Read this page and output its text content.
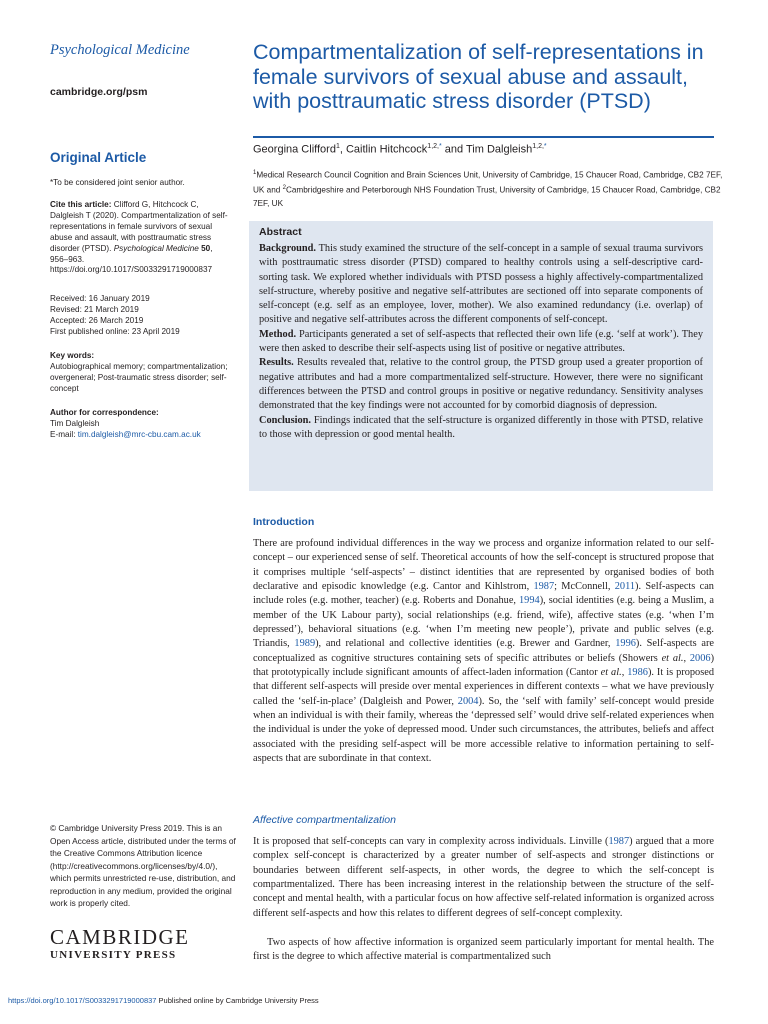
Psychological Medicine
cambridge.org/psm
Original Article
*To be considered joint senior author.
Cite this article: Clifford G, Hitchcock C, Dalgleish T (2020). Compartmentalization of self-representations in female survivors of sexual abuse and assault, with posttraumatic stress disorder (PTSD). Psychological Medicine 50, 956–963. https://doi.org/10.1017/S0033291719000837

Received: 16 January 2019

Revised: 21 March 2019

Accepted: 26 March 2019

First published online: 23 April 2019

Key words:

Autobiographical memory; compartmentalization; overgeneral; Post-traumatic stress disorder; self-concept

Author for correspondence:

Tim Dalgleish

E-mail: tim.dalgleish@mrc-cbu.cam.ac.uk

© Cambridge University Press 2019. This is an Open Access article, distributed under the terms of the Creative Commons Attribution licence (http://creativecommons.org/licenses/by/4.0/), which permits unrestricted re-use, distribution, and reproduction in any medium, provided the original work is properly cited.
CAMBRIDGE
UNIVERSITY PRESS
Compartmentalization of self-representations in female survivors of sexual abuse and assault, with posttraumatic stress disorder (PTSD)
Georgina Clifford$^1$, Caitlin Hitchcock$^{1,2,*}$ and Tim Dalgleish$^{1,2,*}$
$^1$Medical Research Council Cognition and Brain Sciences Unit, University of Cambridge, 15 Chaucer Road, Cambridge, CB2 7EF, UK and $^2$Cambridgeshire and Peterborough NHS Foundation Trust, University of Cambridge, 15 Chaucer Road, Cambridge, CB2 7EF, UK
Abstract

Background. This study examined the structure of the self-concept in a sample of sexual trauma survivors with posttraumatic stress disorder (PTSD) compared to healthy controls using a self-descriptive card-sorting task. We explored whether individuals with PTSD possess a highly affectively-compartmentalized self-structure, whereby positive and negative self-attributes are sectioned off into separate components of self-concept (e.g. self as an employee, lover, mother). We also examined redundancy (i.e. overlap) of positive and negative self-attributes across the different components of self-concept.

Method. Participants generated a set of self-aspects that reflected their own life (e.g. ‘self at work’). They were then asked to describe their self-aspects using list of positive or negative attributes.

Results. Results revealed that, relative to the control group, the PTSD group used a greater proportion of negative attributes and had a more compartmentalized self-structure. However, there were no significant differences between the PTSD and control groups in positive or negative redundancy. Sensitivity analyses demonstrated that the key findings were not accounted for by comorbid diagnosis of depression.

Conclusion. Findings indicated that the self-structure is organized differently in those with PTSD, relative to those with depression or good mental health.

Introduction

There are profound individual differences in the way we process and organize information related to our self-concept – our experienced sense of self. Theoretical accounts of how the self-concept is structured propose that it comprises multiple ‘self-aspects’ – distinct identities that are represented by organised bodies of both declarative and episodic knowledge (e.g. Cantor and Kihlstrom, 1987; McConnell, 2011). Self-aspects can include roles (e.g. mother, teacher) (e.g. Roberts and Donahue, 1994), social identities (e.g. being a Muslim, a member of the UK Labour party), social relationships (e.g. friend, wife), affective states (e.g. ‘when I’m depressed’), behavioral situations (e.g. ‘when I’m meeting new people’), private and public selves (e.g. Triandis, 1989), and relational and collective identities (e.g. Brewer and Gardner, 1996). Self-aspects are conceptualized as cognitive structures containing sets of specific attributes or beliefs (Showers et al., 2006) that prototypically include significant amounts of affect-laden information (Cantor et al., 1986). It is proposed that different self-aspects will preside over mental experiences in different contexts – what we have previously called the ‘self-in-place’ (Dalgleish and Power, 2004). So, the ‘self with family’ self-concept would preside when an individual is with their family, whereas the ‘depressed self’ would drive self-related experiences when the individual is under the yoke of depressed mood. Under such circumstances, the attributes, beliefs and affect associated with the presiding self-aspect will be more accessible relative to information pertaining to self-aspects that are subordinate in that context.

Affective compartmentalization

It is proposed that self-concepts can vary in complexity across individuals. Linville (1987) argued that a more complex self-concept is characterized by a greater number of self-aspects and stronger distinctions or boundaries between different self-aspects, in other words, the degree to which the self-concept is compartmentalized. There has been increasing interest in the relationship between the structure of the self-concept and mental health, with a particular focus on how affective self-related information is organized across different self-aspects and how this relates to different degrees of self-concept complexity.

Two aspects of how affective information is organized seem particularly important for mental health. The first is the degree to which affective material is compartmentalized such

https://doi.org/10.1017/S0033291719000837 Published online by Cambridge University Press
